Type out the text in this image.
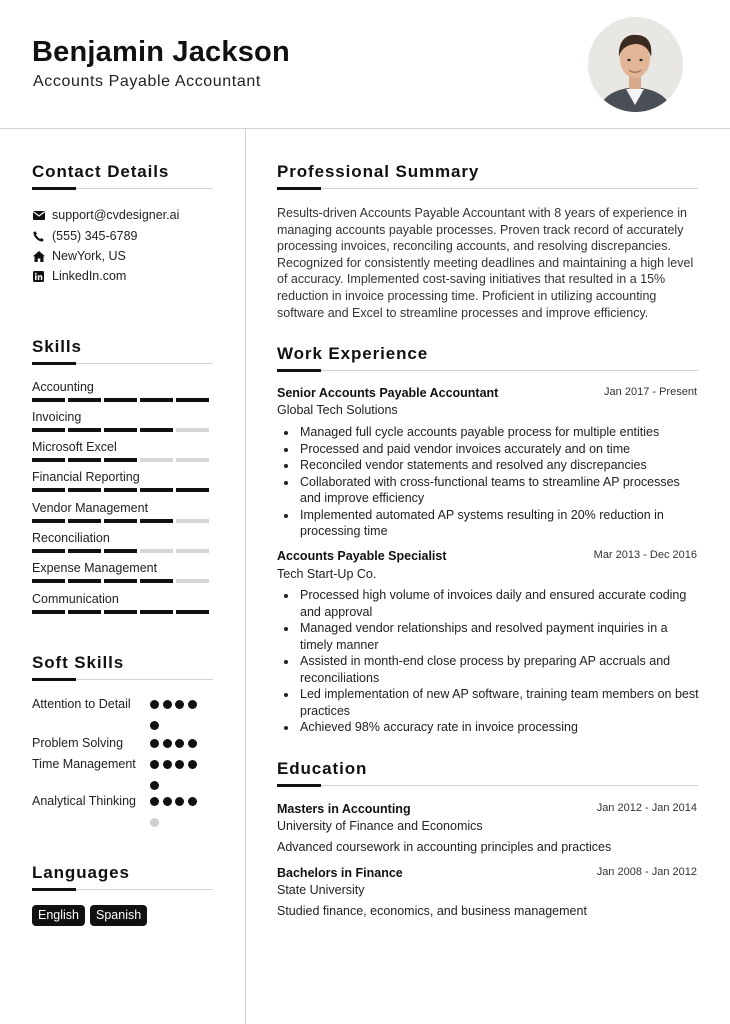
Benjamin Jackson
Accounts Payable Accountant
Contact Details
support@cvdesigner.ai
(555) 345-6789
NewYork, US
LinkedIn.com
Skills
Accounting
Invoicing
Microsoft Excel
Financial Reporting
Vendor Management
Reconciliation
Expense Management
Communication
Soft Skills
Attention to Detail
Problem Solving
Time Management
Analytical Thinking
Languages
English	Spanish
Professional Summary
Results-driven Accounts Payable Accountant with 8 years of experience in managing accounts payable processes. Proven track record of accurately processing invoices, reconciling accounts, and resolving discrepancies. Recognized for consistently meeting deadlines and maintaining a high level of accuracy. Implemented cost-saving initiatives that resulted in a 15% reduction in invoice processing time. Proficient in utilizing accounting software and Excel to streamline processes and improve efficiency.
Work Experience
Senior Accounts Payable Accountant	Jan 2017 - Present
Global Tech Solutions
Managed full cycle accounts payable process for multiple entities
Processed and paid vendor invoices accurately and on time
Reconciled vendor statements and resolved any discrepancies
Collaborated with cross-functional teams to streamline AP processes and improve efficiency
Implemented automated AP systems resulting in 20% reduction in processing time
Accounts Payable Specialist	Mar 2013 - Dec 2016
Tech Start-Up Co.
Processed high volume of invoices daily and ensured accurate coding and approval
Managed vendor relationships and resolved payment inquiries in a timely manner
Assisted in month-end close process by preparing AP accruals and reconciliations
Led implementation of new AP software, training team members on best practices
Achieved 98% accuracy rate in invoice processing
Education
Masters in Accounting	Jan 2012 - Jan 2014
University of Finance and Economics
Advanced coursework in accounting principles and practices
Bachelors in Finance	Jan 2008 - Jan 2012
State University
Studied finance, economics, and business management
